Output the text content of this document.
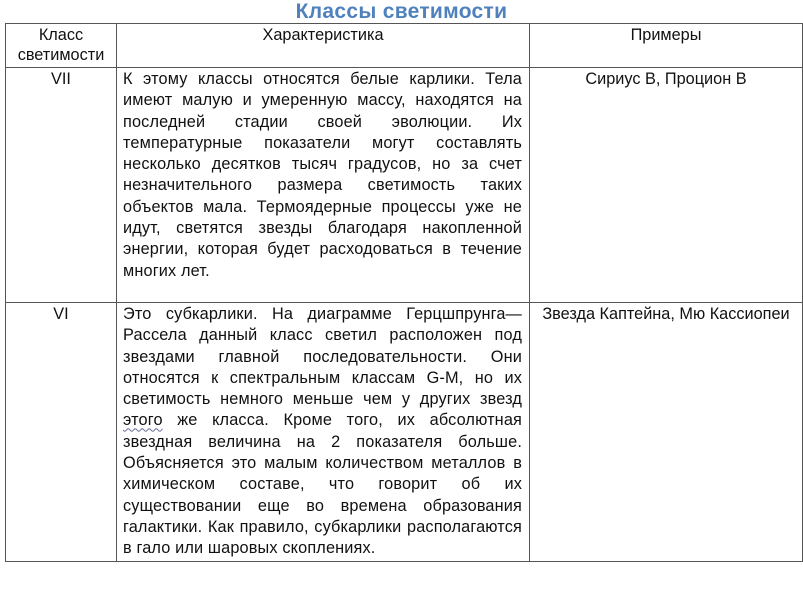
Классы светимости
Класс светимости	Характеристика	Примеры
VII	К этому классы относятся белые карлики. Тела имеют малую и умеренную массу, находятся на последней стадии своей эволюции. Их температурные показатели могут составлять несколько десятков тысяч градусов, но за счет незначительного размера светимость таких объектов мала. Термоядерные процессы уже не идут, светятся звезды благодаря накопленной энергии, которая будет расходоваться в течение многих лет.	Сириус B, Процион B
VI	Это субкарлики. На диаграмме Герцшпрунга—Рассела данный класс светил расположен под звездами главной последовательности. Они относятся к спектральным классам G-M, но их светимость немного меньше чем у других звезд этого же класса. Кроме того, их абсолютная звездная величина на 2 показателя больше. Объясняется это малым количеством металлов в химическом составе, что говорит об их существовании еще во времена образования галактики. Как правило, субкарлики располагаются в гало или шаровых скоплениях.	Звезда Каптейна, Мю Кассиопеи
